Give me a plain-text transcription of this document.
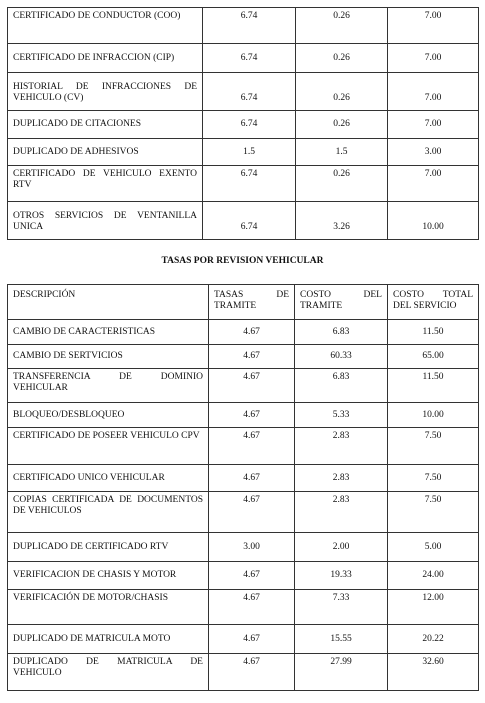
CERTIFICADO DE CONDUCTOR (COO)	6.74	0.26	7.00
CERTIFICADO DE INFRACCION (CIP)	6.74	0.26	7.00
HISTORIAL DE INFRACCIONES DE VEHICULO (CV)	6.74	0.26	7.00
DUPLICADO DE CITACIONES	6.74	0.26	7.00
DUPLICADO DE ADHESIVOS	1.5	1.5	3.00
CERTIFICADO DE VEHICULO EXENTO RTV	6.74	0.26	7.00
OTROS SERVICIOS DE VENTANILLA UNICA	6.74	3.26	10.00
TASAS POR REVISION VEHICULAR
DESCRIPCIÓN	TASAS DE TRAMITE	COSTO DEL TRAMITE	COSTO TOTAL DEL SERVICIO
CAMBIO DE CARACTERISTICAS	4.67	6.83	11.50
CAMBIO DE SERTVICIOS	4.67	60.33	65.00
TRANSFERENCIA DE DOMINIO VEHICULAR	4.67	6.83	11.50
BLOQUEO/DESBLOQUEO	4.67	5.33	10.00
CERTIFICADO DE POSEER VEHICULO CPV	4.67	2.83	7.50
CERTIFICADO UNICO VEHICULAR	4.67	2.83	7.50
COPIAS CERTIFICADA DE DOCUMENTOS DE VEHICULOS	4.67	2.83	7.50
DUPLICADO DE CERTIFICADO RTV	3.00	2.00	5.00
VERIFICACION DE CHASIS Y MOTOR	4.67	19.33	24.00
VERIFICACIÓN DE MOTOR/CHASIS	4.67	7.33	12.00
DUPLICADO DE MATRICULA MOTO	4.67	15.55	20.22
DUPLICADO DE MATRICULA DE VEHICULO	4.67	27.99	32.60
